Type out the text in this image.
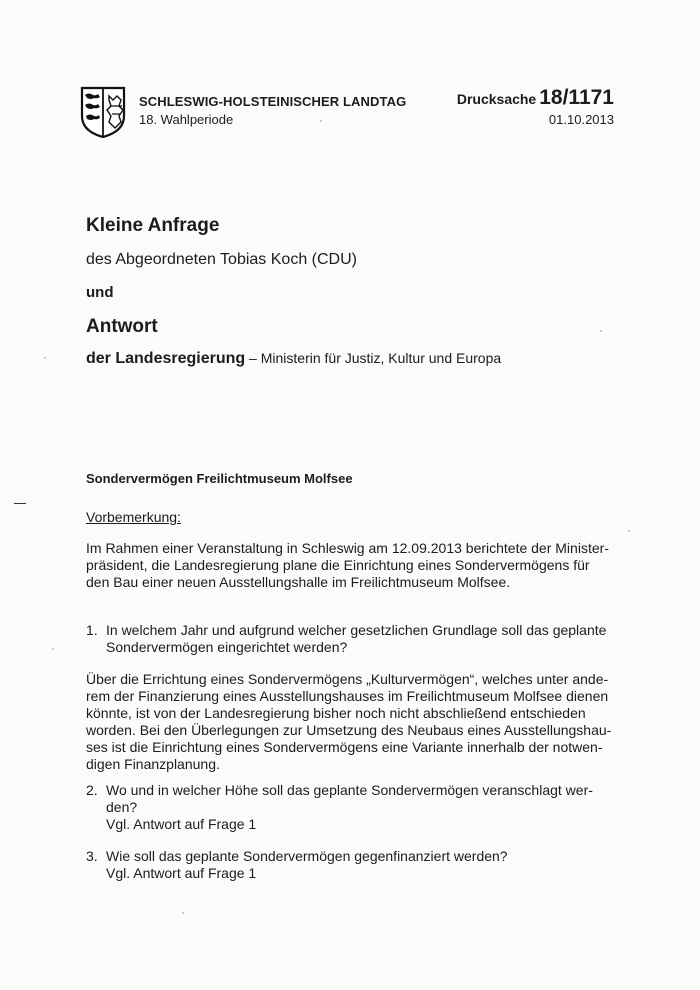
SCHLESWIG-HOLSTEINISCHER LANDTAG
18. Wahlperiode
Drucksache 18/1171
01.10.2013
Kleine Anfrage
des Abgeordneten Tobias Koch (CDU)
und
Antwort
der Landesregierung – Ministerin für Justiz, Kultur und Europa
Sondervermögen Freilichtmuseum Molfsee
Vorbemerkung:

Im Rahmen einer Veranstaltung in Schleswig am 12.09.2013 berichtete der Minister-

präsident, die Landesregierung plane die Einrichtung eines Sondervermögens für

den Bau einer neuen Ausstellungshalle im Freilichtmuseum Molfsee.

1. In welchem Jahr und aufgrund welcher gesetzlichen Grundlage soll das geplante

Sondervermögen eingerichtet werden?

Über die Errichtung eines Sondervermögens „Kulturvermögen“, welches unter ande-

rem der Finanzierung eines Ausstellungshauses im Freilichtmuseum Molfsee dienen

könnte, ist von der Landesregierung bisher noch nicht abschließend entschieden

worden. Bei den Überlegungen zur Umsetzung des Neubaus eines Ausstellungshau-

ses ist die Einrichtung eines Sondervermögens eine Variante innerhalb der notwen-

digen Finanzplanung.

2. Wo und in welcher Höhe soll das geplante Sondervermögen veranschlagt wer-

den?

Vgl. Antwort auf Frage 1

3. Wie soll das geplante Sondervermögen gegenfinanziert werden?

Vgl. Antwort auf Frage 1
